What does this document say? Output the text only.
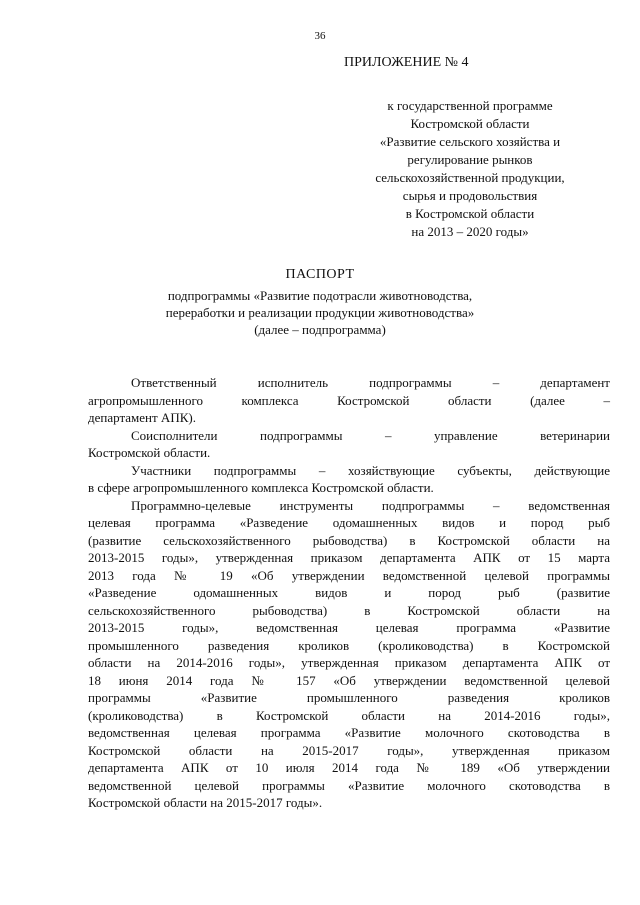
36
ПРИЛОЖЕНИЕ № 4
к государственной программе
Костромской области
«Развитие сельского хозяйства и
регулирование рынков
сельскохозяйственной продукции,
сырья и продовольствия
в Костромской области
на 2013 – 2020 годы»
ПАСПОРТ
подпрограммы «Развитие подотрасли животноводства,
переработки и реализации продукции животноводства»
(далее – подпрограмма)
Ответственный исполнитель подпрограммы – департамент
агропромышленного комплекса Костромской области (далее –
департамент АПК).
Соисполнители подпрограммы – управление ветеринарии
Костромской области.
Участники подпрограммы – хозяйствующие субъекты, действующие
в сфере агропромышленного комплекса Костромской области.
Программно-целевые инструменты подпрограммы – ведомственная
целевая программа «Разведение одомашненных видов и пород рыб
(развитие сельскохозяйственного рыбоводства) в Костромской области на
2013-2015 годы», утвержденная приказом департамента АПК от 15 марта
2013 года № 19 «Об утверждении ведомственной целевой программы
«Разведение одомашненных видов и пород рыб (развитие
сельскохозяйственного рыбоводства) в Костромской области на
2013-2015 годы», ведомственная целевая программа «Развитие
промышленного разведения кроликов (кролиководства) в Костромской
области на 2014-2016 годы», утвержденная приказом департамента АПК от
18 июня 2014 года № 157 «Об утверждении ведомственной целевой
программы «Развитие промышленного разведения кроликов
(кролиководства) в Костромской области на 2014-2016 годы»,
ведомственная целевая программа «Развитие молочного скотоводства в
Костромской области на 2015-2017 годы», утвержденная приказом
департамента АПК от 10 июля 2014 года № 189 «Об утверждении
ведомственной целевой программы «Развитие молочного скотоводства в
Костромской области на 2015-2017 годы».
